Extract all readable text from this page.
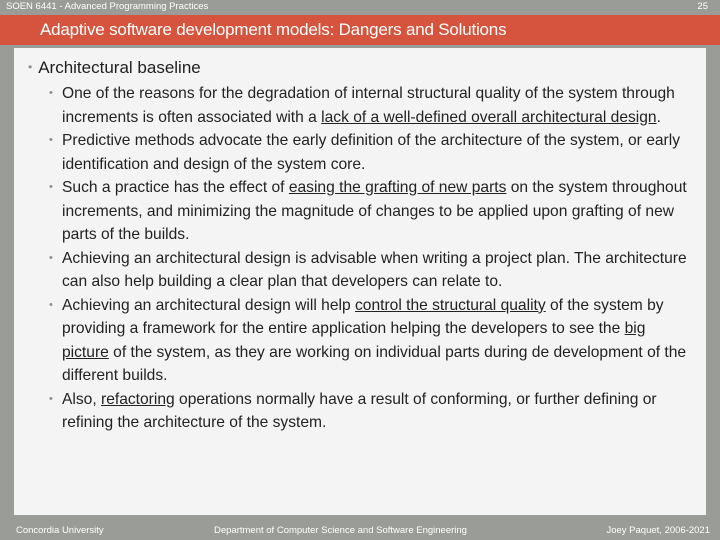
SOEN 6441 - Advanced Programming Practices	25
Adaptive software development models: Dangers and Solutions
• Architectural baseline
• One of the reasons for the degradation of internal structural quality of the system through increments is often associated with a lack of a well-defined overall architectural design.
• Predictive methods advocate the early definition of the architecture of the system, or early identification and design of the system core.
• Such a practice has the effect of easing the grafting of new parts on the system throughout increments, and minimizing the magnitude of changes to be applied upon grafting of new parts of the builds.
• Achieving an architectural design is advisable when writing a project plan. The architecture can also help building a clear plan that developers can relate to.
• Achieving an architectural design will help control the structural quality of the system by providing a framework for the entire application helping the developers to see the big picture of the system, as they are working on individual parts during de development of the different builds.
• Also, refactoring operations normally have a result of conforming, or further defining or refining the architecture of the system.
Concordia University	Department of Computer Science and Software Engineering	Joey Paquet, 2006-2021
